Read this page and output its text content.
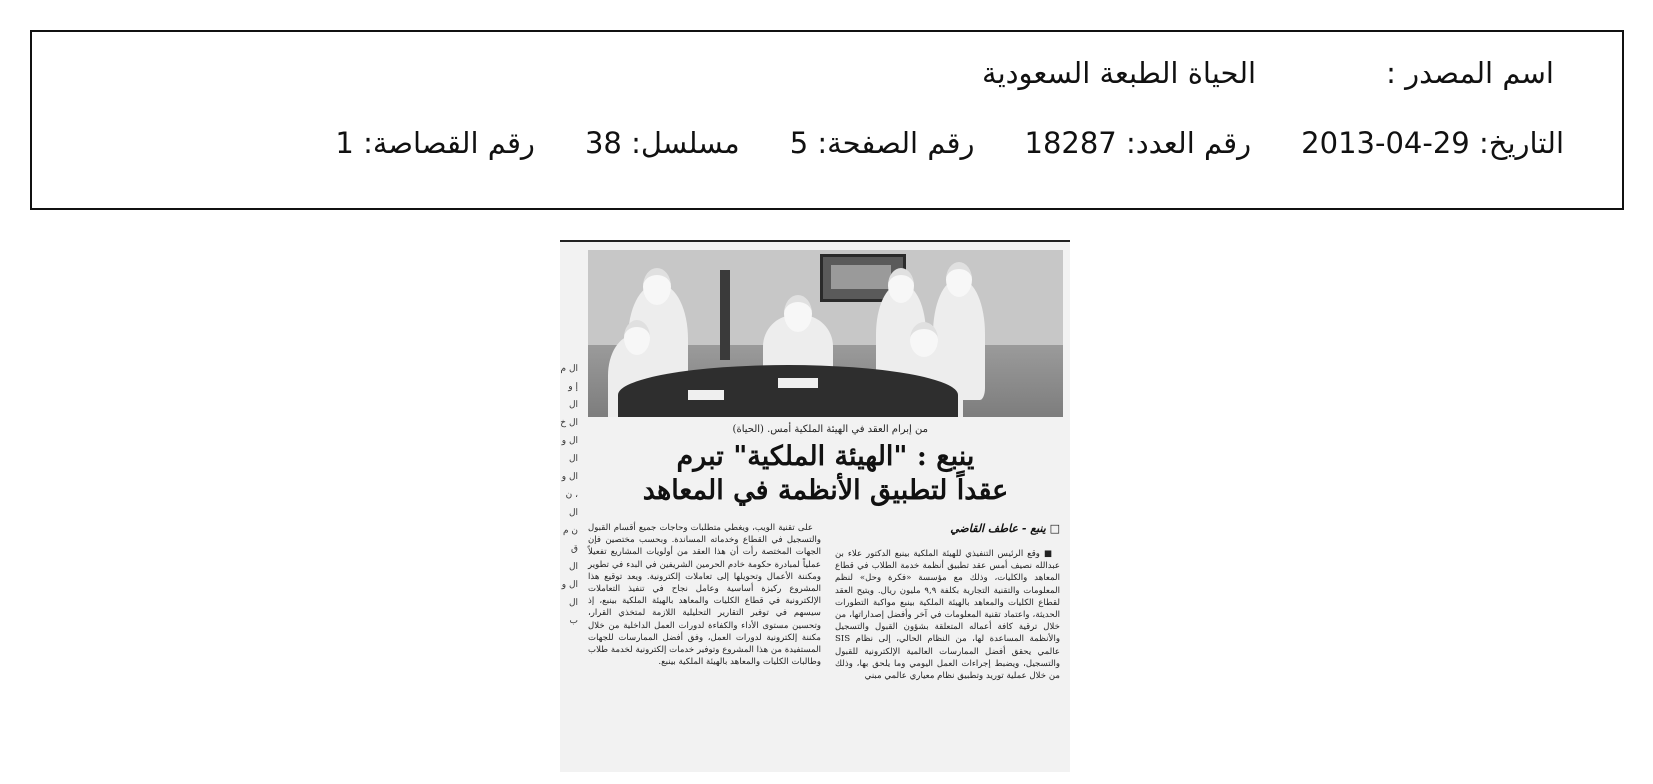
اسم المصدر :
الحياة الطبعة السعودية
التاريخ: 29-04-2013
رقم العدد: 18287
رقم الصفحة: 5
مسلسل: 38
رقم القصاصة: 1
ال م إ و ال ال خ ال و ال ال و ، ن ال ن م ق ال ال و ال ب
من إبرام العقد في الهيئة الملكية أمس. (الحياة)
ينبع : "الهيئة الملكية" تبرم
عقداً لتطبيق الأنظمة في المعاهد
□ ينبع - عاطف القاضي

■ وقع الرئيس التنفيذي للهيئة الملكية بينبع الدكتور علاء بن عبدالله نصيف أمس عقد تطبيق أنظمة خدمة الطلاب في قطاع المعاهد والكليات، وذلك مع مؤسسة «فكرة وحل» لنظم المعلومات والتقنية التجارية بكلفة ٩,٩ مليون ريال. ويتيح العقد لقطاع الكليات والمعاهد بالهيئة الملكية بينبع مواكبة التطورات الحديثة، واعتماد تقنية المعلومات في آخر وأفضل إصداراتها، من خلال ترقية كافة أعماله المتعلقة بشؤون القبول والتسجيل والأنظمة المساعدة لها، من النظام الحالي، إلى نظام SIS عالمي يحقق أفضل الممارسات العالمية الإلكترونية للقبول والتسجيل، ويضبط إجراءات العمل اليومي وما يلحق بها، وذلك من خلال عملية توريد وتطبيق نظام معياري عالمي مبني

على تقنية الويب، ويغطي متطلبات وحاجات جميع أقسام القبول والتسجيل في القطاع وخدماته المساندة. وبحسب مختصين فإن الجهات المختصة رأت أن هذا العقد من أولويات المشاريع تفعيلاً عملياً لمبادرة حكومة خادم الحرمين الشريفين في البدء في تطوير ومكننة الأعمال وتحويلها إلى تعاملات إلكترونية. ويعد توقيع هذا المشروع ركيزة أساسية وعامل نجاح في تنفيذ التعاملات الإلكترونية في قطاع الكليات والمعاهد بالهيئة الملكية بينبع، إذ سيسهم في توفير التقارير التحليلية اللازمة لمتخذي القرار، وتحسين مستوى الأداء والكفاءة لدورات العمل الداخلية من خلال مكننة إلكترونية لدورات العمل، وفق أفضل الممارسات للجهات المستفيدة من هذا المشروع وتوفير خدمات إلكترونية لخدمة طلاب وطالبات الكليات والمعاهد بالهيئة الملكية بينبع.
